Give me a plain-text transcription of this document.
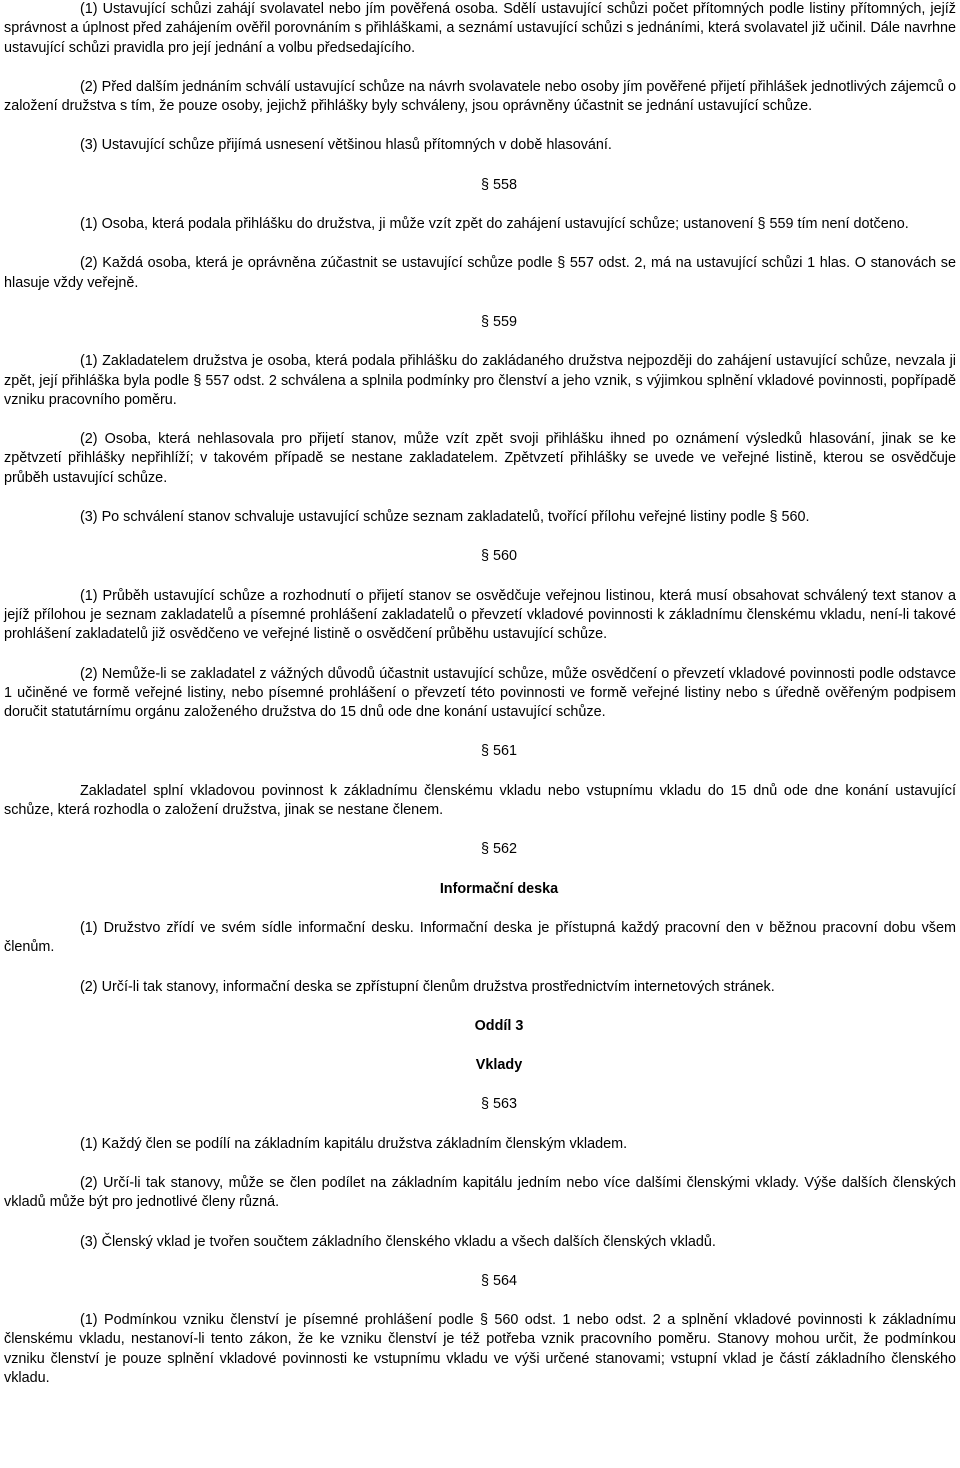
(1) Ustavující schůzi zahájí svolavatel nebo jím pověřená osoba. Sdělí ustavující schůzi počet přítomných podle listiny přítomných, jejíž správnost a úplnost před zahájením ověřil porovnáním s přihláškami, a seznámí ustavující schůzi s jednáními, která svolavatel již učinil. Dále navrhne ustavující schůzi pravidla pro její jednání a volbu předsedajícího.
(2) Před dalším jednáním schválí ustavující schůze na návrh svolavatele nebo osoby jím pověřené přijetí přihlášek jednotlivých zájemců o založení družstva s tím, že pouze osoby, jejichž přihlášky byly schváleny, jsou oprávněny účastnit se jednání ustavující schůze.
(3) Ustavující schůze přijímá usnesení většinou hlasů přítomných v době hlasování.
§ 558
(1) Osoba, která podala přihlášku do družstva, ji může vzít zpět do zahájení ustavující schůze; ustanovení § 559 tím není dotčeno.
(2) Každá osoba, která je oprávněna zúčastnit se ustavující schůze podle § 557 odst. 2, má na ustavující schůzi 1 hlas. O stanovách se hlasuje vždy veřejně.
§ 559
(1) Zakladatelem družstva je osoba, která podala přihlášku do zakládaného družstva nejpozději do zahájení ustavující schůze, nevzala ji zpět, její přihláška byla podle § 557 odst. 2 schválena a splnila podmínky pro členství a jeho vznik, s výjimkou splnění vkladové povinnosti, popřípadě vzniku pracovního poměru.
(2) Osoba, která nehlasovala pro přijetí stanov, může vzít zpět svoji přihlášku ihned po oznámení výsledků hlasování, jinak se ke zpětvzetí přihlášky nepřihlíží; v takovém případě se nestane zakladatelem. Zpětvzetí přihlášky se uvede ve veřejné listině, kterou se osvědčuje průběh ustavující schůze.
(3) Po schválení stanov schvaluje ustavující schůze seznam zakladatelů, tvořící přílohu veřejné listiny podle § 560.
§ 560
(1) Průběh ustavující schůze a rozhodnutí o přijetí stanov se osvědčuje veřejnou listinou, která musí obsahovat schválený text stanov a jejíž přílohou je seznam zakladatelů a písemné prohlášení zakladatelů o převzetí vkladové povinnosti k základnímu členskému vkladu, není-li takové prohlášení zakladatelů již osvědčeno ve veřejné listině o osvědčení průběhu ustavující schůze.
(2) Nemůže-li se zakladatel z vážných důvodů účastnit ustavující schůze, může osvědčení o převzetí vkladové povinnosti podle odstavce 1 učiněné ve formě veřejné listiny, nebo písemné prohlášení o převzetí této povinnosti ve formě veřejné listiny nebo s úředně ověřeným podpisem doručit statutárnímu orgánu založeného družstva do 15 dnů ode dne konání ustavující schůze.
§ 561
Zakladatel splní vkladovou povinnost k základnímu členskému vkladu nebo vstupnímu vkladu do 15 dnů ode dne konání ustavující schůze, která rozhodla o založení družstva, jinak se nestane členem.
§ 562
Informační deska
(1) Družstvo zřídí ve svém sídle informační desku. Informační deska je přístupná každý pracovní den v běžnou pracovní dobu všem členům.
(2) Určí-li tak stanovy, informační deska se zpřístupní členům družstva prostřednictvím internetových stránek.
Oddíl 3
Vklady
§ 563
(1) Každý člen se podílí na základním kapitálu družstva základním členským vkladem.
(2) Určí-li tak stanovy, může se člen podílet na základním kapitálu jedním nebo více dalšími členskými vklady. Výše dalších členských vkladů může být pro jednotlivé členy různá.
(3) Členský vklad je tvořen součtem základního členského vkladu a všech dalších členských vkladů.
§ 564
(1) Podmínkou vzniku členství je písemné prohlášení podle § 560 odst. 1 nebo odst. 2 a splnění vkladové povinnosti k základnímu členskému vkladu, nestanoví-li tento zákon, že ke vzniku členství je též potřeba vznik pracovního poměru. Stanovy mohou určit, že podmínkou vzniku členství je pouze splnění vkladové povinnosti ke vstupnímu vkladu ve výši určené stanovami; vstupní vklad je částí základního členského vkladu.
